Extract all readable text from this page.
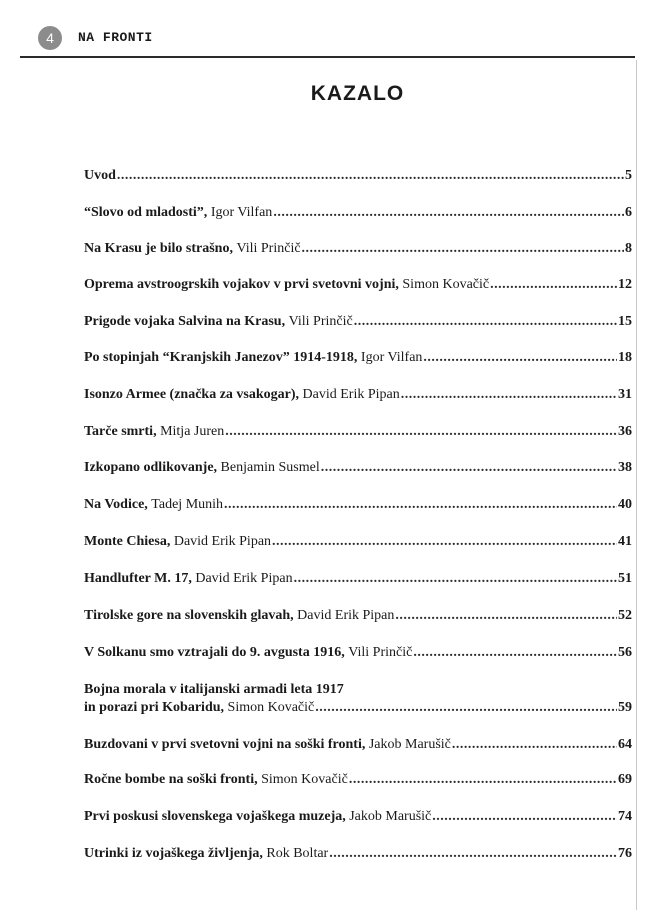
4	NA FRONTI
KAZALO
Uvod .....	5
“Slovo od mladosti”,
Igor Vilfan .....	6
Na Krasu je bilo strašno,
Vili Prinčič .....	8
Oprema avstroogrskih vojakov v prvi svetovni vojni,
Simon Kovačič .....	12
Prigode vojaka Salvina na Krasu,
Vili Prinčič .....	15
Po stopinjah “Kranjskih Janezov” 1914-1918,
Igor Vilfan .....	18
Isonzo Armee (značka za vsakogar),
David Erik Pipan .....	31
Tarče smrti,
Mitja Juren .....	36
Izkopano odlikovanje,
Benjamin Susmel .....	38
Na Vodice,
Tadej Munih .....	40
Monte Chiesa,
David Erik Pipan .....	41
Handlufter M. 17,
David Erik Pipan .....	51
Tirolske gore na slovenskih glavah,
David Erik Pipan .....	52
V Solkanu smo vztrajali do 9. avgusta 1916,
Vili Prinčič .....	56
Bojna morala v italijanski armadi leta 1917
in porazi pri Kobaridu,
Simon Kovačič .....	59
Buzdovani v prvi svetovni vojni na soški fronti,
Jakob Marušič .....	64
Ročne bombe na soški fronti,
Simon Kovačič .....	69
Prvi poskusi slovenskega vojaškega muzeja,
Jakob Marušič .....	74
Utrinki iz vojaškega življenja,
Rok Boltar .....	76
